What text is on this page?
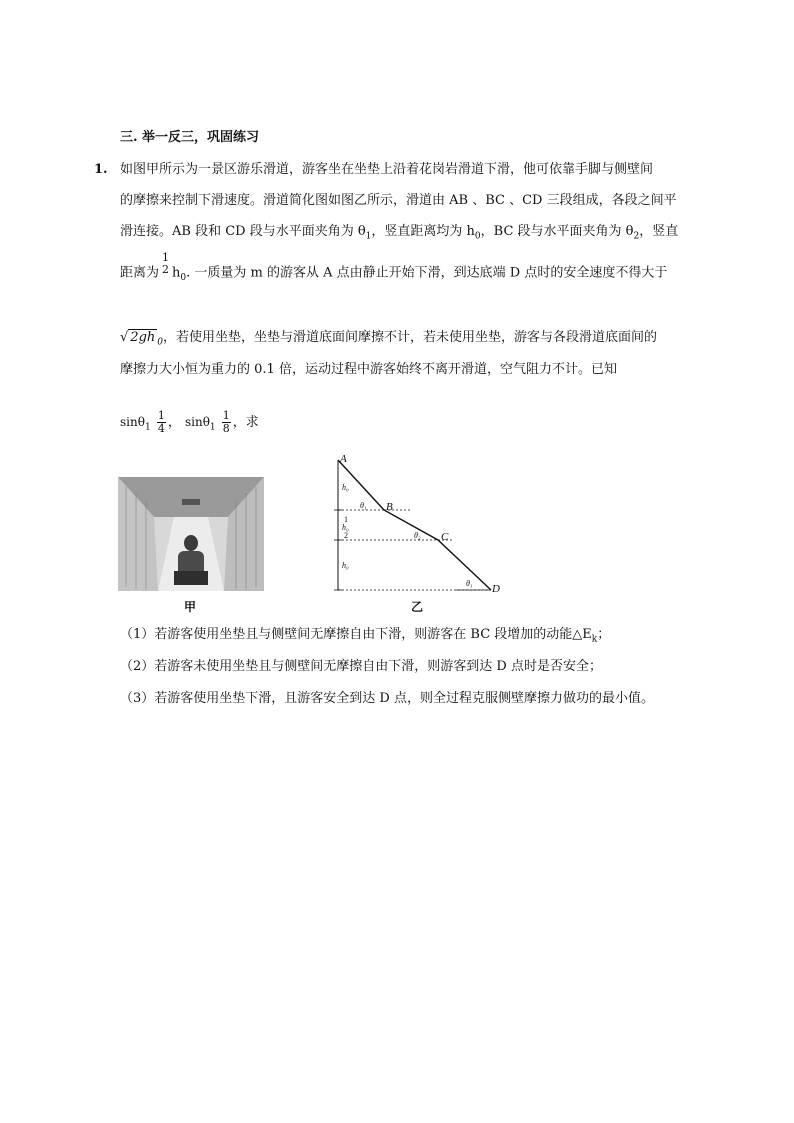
三. 举一反三，巩固练习
1. 如图甲所示为一景区游乐滑道，游客坐在坐垫上沿着花岗岩滑道下滑，他可依靠手脚与侧壁间
的摩擦来控制下滑速度。滑道简化图如图乙所示，滑道由 AB 、BC 、CD 三段组成，各段之间平
滑连接。AB 段和 CD 段与水平面夹角为 $\theta_1$，竖直距离均为 $h_0$，BC 段与水平面夹角为 $\theta_2$，竖直
距离为
1
2 $h_0$. 一质量为 m 的游客从 A 点由静止开始下滑，到达底端 D 点时的安全速度不得大于
√ 2gh $_0$，若使用坐垫，坐垫与滑道底面间摩擦不计，若未使用坐垫，游客与各段滑道底面间的
摩擦力大小恒为重力的 0.1 倍，运动过程中游客始终不离开滑道，空气阻力不计。已知
$\sin\theta_1 \frac{1}{4}$ ， $\sin\theta_1 \frac{1}{8}$ ，求
甲
A
B
C
D
h₀
h₀
h₀
1
2
θ₁
θ₂
θ₁
乙
（1）若游客使用坐垫且与侧壁间无摩擦自由下滑，则游客在 BC 段增加的动能$\triangle E_k$；
（2）若游客未使用坐垫且与侧壁间无摩擦自由下滑，则游客到达 D 点时是否安全；
（3）若游客使用坐垫下滑，且游客安全到达 D 点，则全过程克服侧壁摩擦力做功的最小值。
